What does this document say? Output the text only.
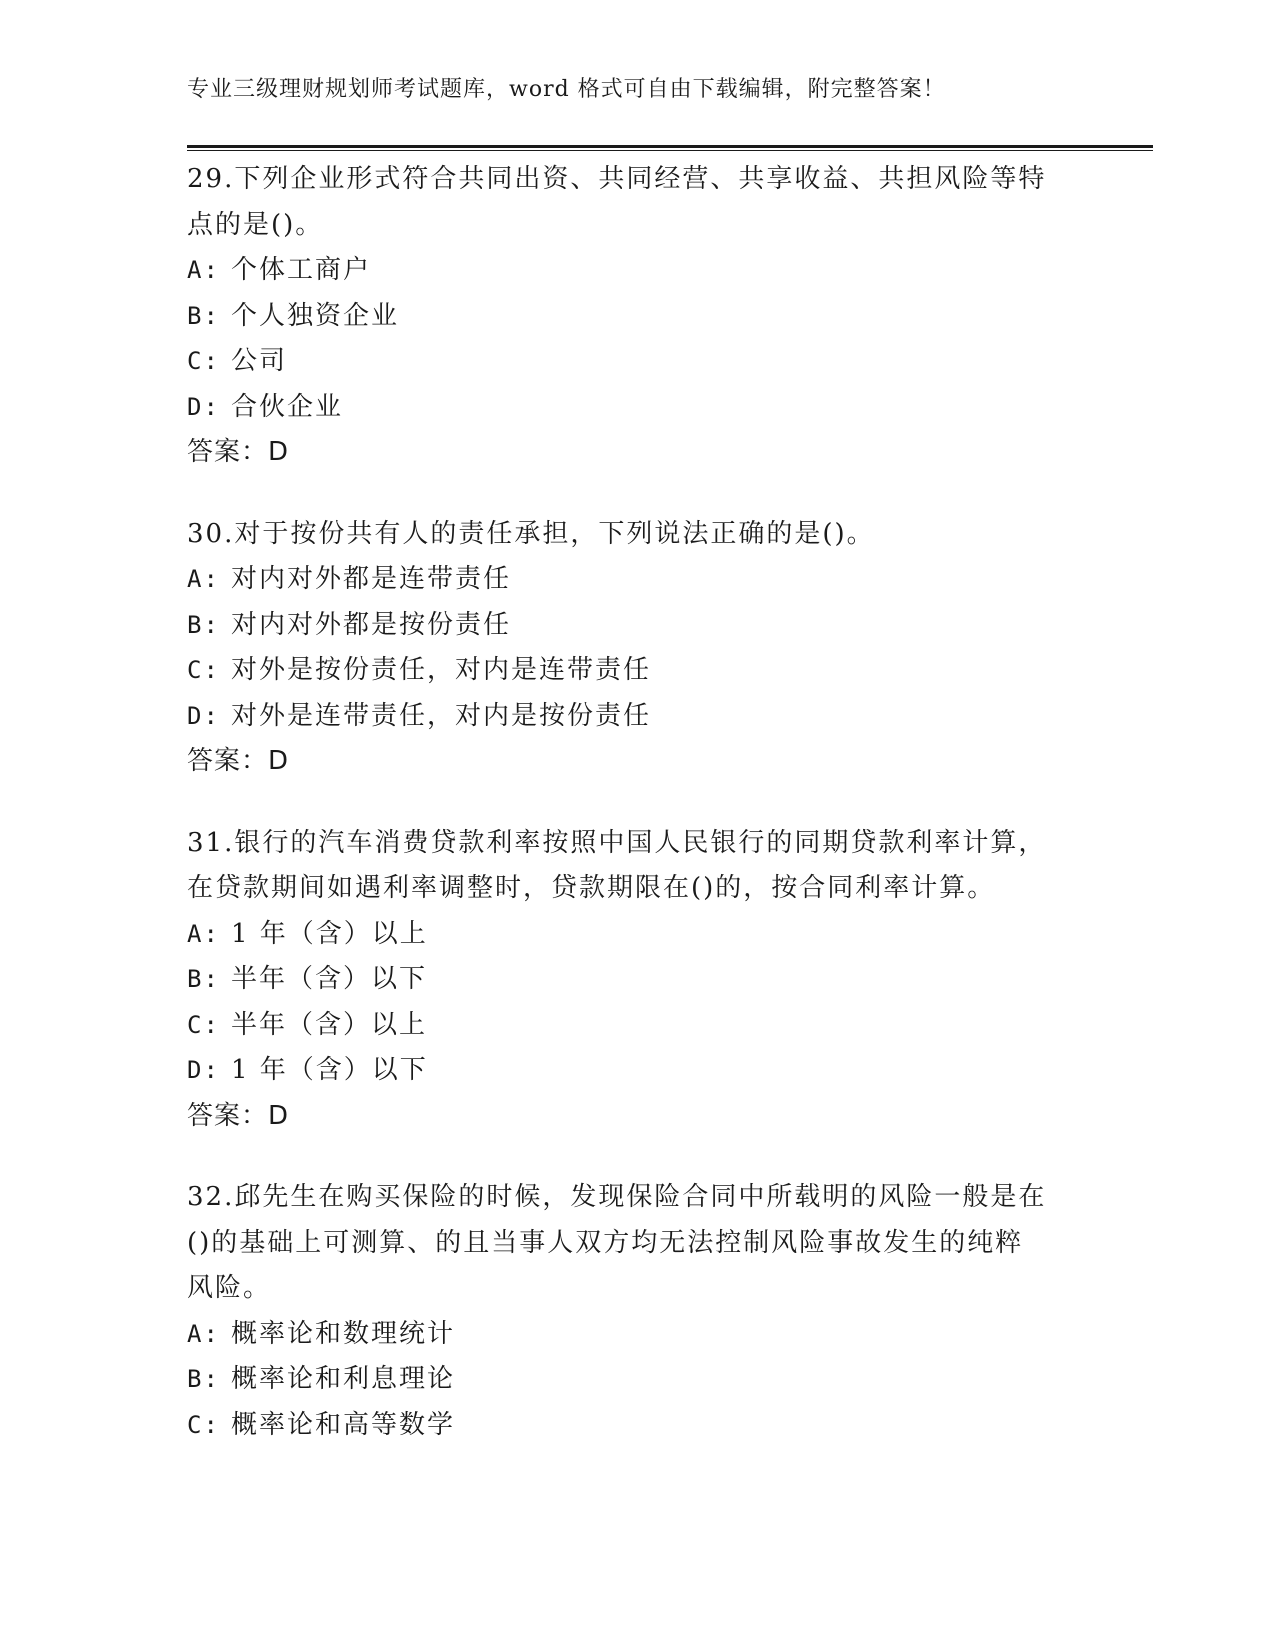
专业三级理财规划师考试题库，word 格式可自由下载编辑，附完整答案！
29.下列企业形式符合共同出资、共同经营、共享收益、共担风险等特
点的是()。
A: 个体工商户
B: 个人独资企业
C: 公司
D: 合伙企业
答案：D
30.对于按份共有人的责任承担，下列说法正确的是()。
A: 对内对外都是连带责任
B: 对内对外都是按份责任
C: 对外是按份责任，对内是连带责任
D: 对外是连带责任，对内是按份责任
答案：D
31.银行的汽车消费贷款利率按照中国人民银行的同期贷款利率计算，
在贷款期间如遇利率调整时，贷款期限在()的，按合同利率计算。
A: 1 年（含）以上
B: 半年（含）以下
C: 半年（含）以上
D: 1 年（含）以下
答案：D
32.邱先生在购买保险的时候，发现保险合同中所载明的风险一般是在
()的基础上可测算、的且当事人双方均无法控制风险事故发生的纯粹
风险。
A: 概率论和数理统计
B: 概率论和利息理论
C: 概率论和高等数学
